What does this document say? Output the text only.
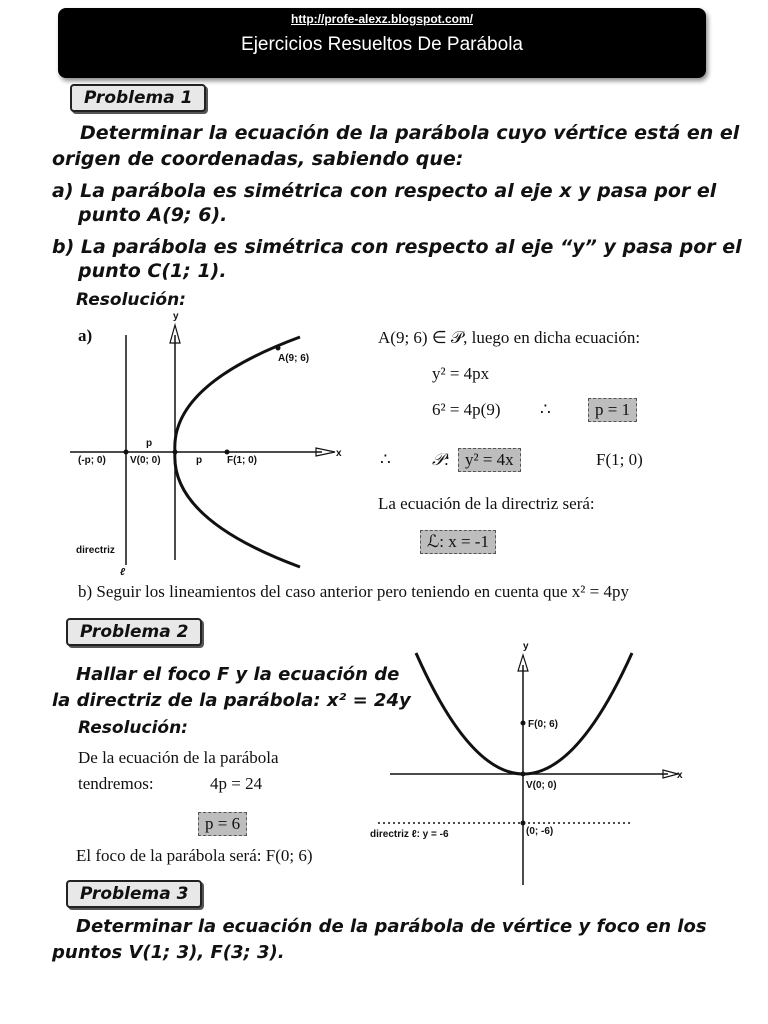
http://profe-alexz.blogspot.com/
Ejercicios Resueltos De Parábola
Problema 1
Determinar la ecuación de la parábola cuyo vértice está en el
origen de coordenadas, sabiendo que:
a) La parábola es simétrica con respecto al eje x y pasa por el
punto A(9; 6).
b) La parábola es simétrica con respecto al eje “y” y pasa por el
punto C(1; 1).
Resolución:
a)
y
x
A(9; 6)
p
(-p; 0) V(0; 0)	p F(1; 0)
directriz
ℓ
A(9; 6) ∈ 𝒫, luego en dicha ecuación:
y² = 4px
6² = 4p(9) ∴	p = 1
∴ 𝒫: y² = 4x	F(1; 0)
La ecuación de la directriz será:
ℒ: x = -1
b) Seguir los lineamientos del caso anterior pero teniendo en cuenta que x² = 4py
Problema 2
Hallar el foco F y la ecuación de
la directriz de la parábola: x² = 24y
Resolución:
De la ecuación de la parábola
tendremos:	4p = 24
p = 6
El foco de la parábola será: F(0; 6)
y
x
F(0; 6)
V(0; 0)
directriz ℓ: y = -6	(0; -6)
Problema 3
Determinar la ecuación de la parábola de vértice y foco en los
puntos V(1; 3), F(3; 3).
